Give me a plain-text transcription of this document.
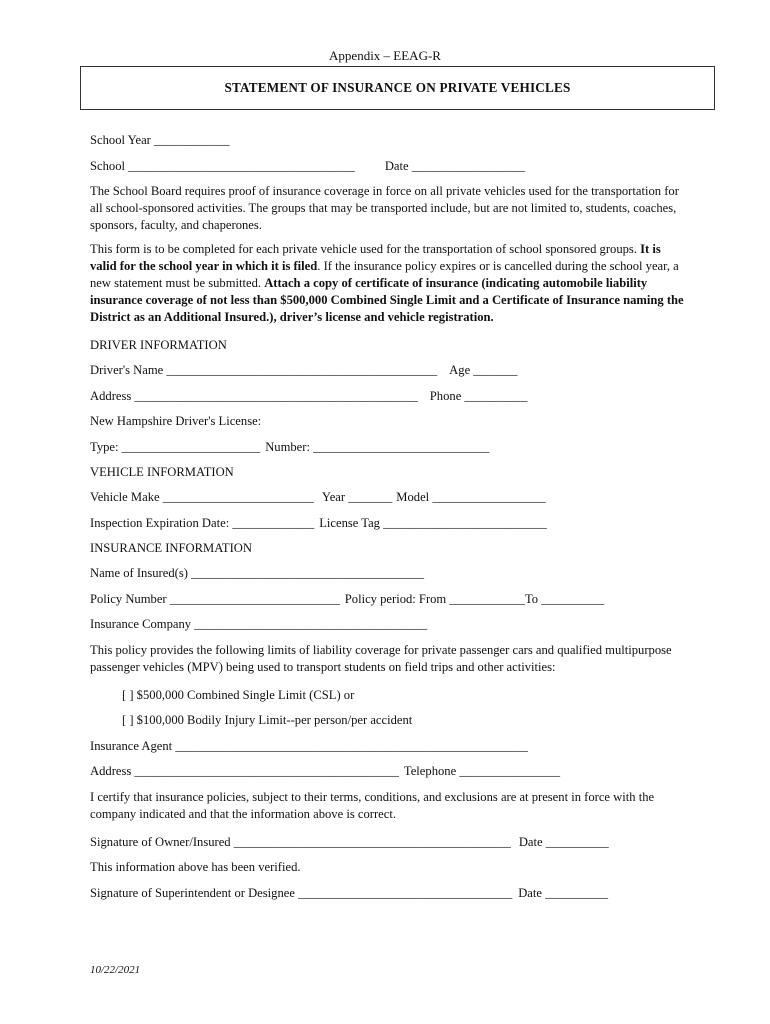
Appendix – EEAG-R
STATEMENT OF INSURANCE ON PRIVATE VEHICLES
School Year ____________
School ____________________________________ Date __________________

The School Board requires proof of insurance coverage in force on all private vehicles used for the transportation for all school-sponsored activities. The groups that may be transported include, but are not limited to, students, coaches, sponsors, faculty, and chaperones.

This form is to be completed for each private vehicle used for the transportation of school sponsored groups. It is valid for the school year in which it is filed. If the insurance policy expires or is cancelled during the school year, a new statement must be submitted. Attach a copy of certificate of insurance (indicating automobile liability insurance coverage of not less than $500,000 Combined Single Limit and a Certificate of Insurance naming the District as an Additional Insured.), driver’s license and vehicle registration.

DRIVER INFORMATION
Driver's Name ___________________________________________ Age _______
Address _____________________________________________ Phone __________
New Hampshire Driver's License:
Type: ______________________ Number: ____________________________
VEHICLE INFORMATION
Vehicle Make ________________________ Year _______ Model __________________
Inspection Expiration Date: _____________ License Tag __________________________
INSURANCE INFORMATION
Name of Insured(s) _____________________________________
Policy Number ___________________________ Policy period: From ____________ To __________
Insurance Company _____________________________________

This policy provides the following limits of liability coverage for private passenger cars and qualified multipurpose passenger vehicles (MPV) being used to transport students on field trips and other activities:

[ ] $500,000 Combined Single Limit (CSL) or
[ ] $100,000 Bodily Injury Limit--per person/per accident
Insurance Agent ________________________________________________________
Address __________________________________________ Telephone ________________

I certify that insurance policies, subject to their terms, conditions, and exclusions are at present in force with the company indicated and that the information above is correct.

Signature of Owner/Insured ____________________________________________ Date __________
This information above has been verified.
Signature of Superintendent or Designee __________________________________ Date __________
10/22/2021
